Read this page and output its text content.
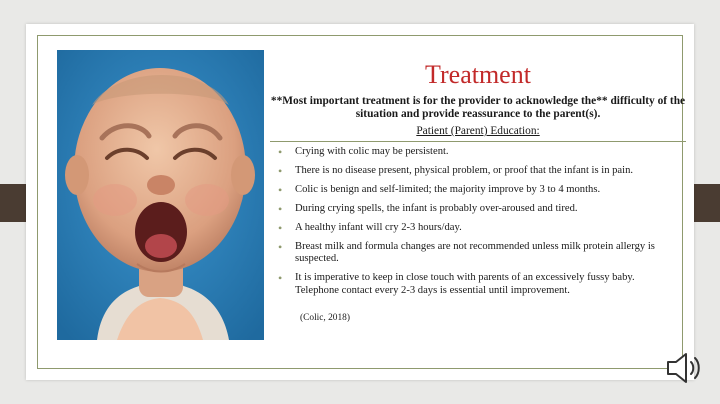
Treatment
**Most important treatment is for the provider to acknowledge the** difficulty of the situation and provide reassurance to the parent(s).
Patient (Parent) Education:
• Crying with colic may be persistent.
• There is no disease present, physical problem, or proof that the infant is in pain.
• Colic is benign and self-limited; the majority improve by 3 to 4 months.
• During crying spells, the infant is probably over-aroused and tired.
• A healthy infant will cry 2-3 hours/day.
• Breast milk and formula changes are not recommended unless milk protein allergy is suspected.
• It is imperative to keep in close touch with parents of an excessively fussy baby. Telephone contact every 2-3 days is essential until improvement.
(Colic, 2018)
